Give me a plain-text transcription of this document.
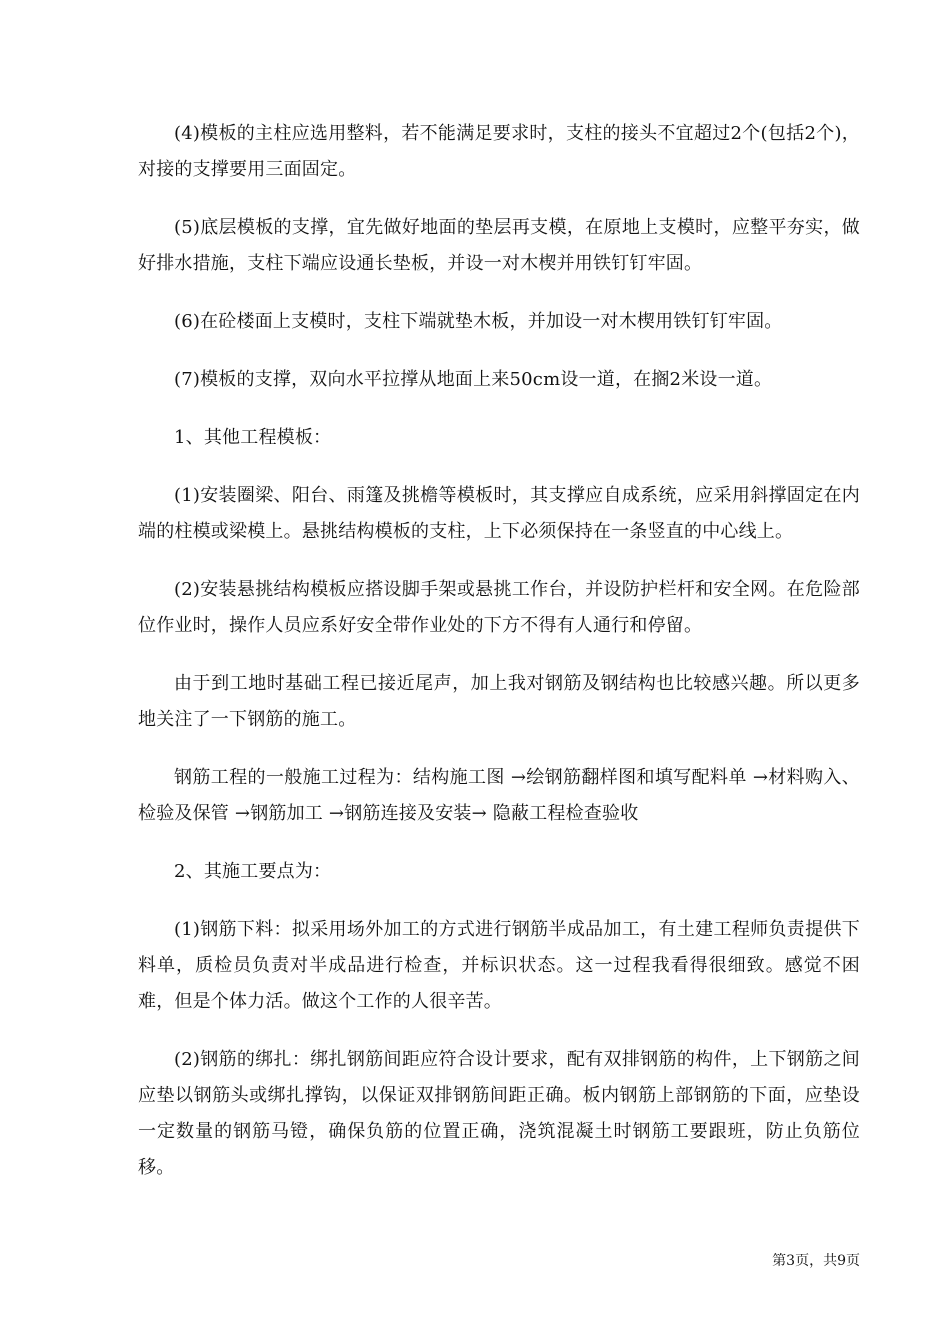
(4)模板的主柱应选用整料，若不能满足要求时，支柱的接头不宜超过2个(包括2个)，对接的支撑要用三面固定。

(5)底层模板的支撑，宜先做好地面的垫层再支模，在原地上支模时，应整平夯实，做好排水措施，支柱下端应设通长垫板，并设一对木楔并用铁钉钉牢固。

(6)在砼楼面上支模时，支柱下端就垫木板，并加设一对木楔用铁钉钉牢固。

(7)模板的支撑，双向水平拉撑从地面上来50cm设一道，在搁2米设一道。

1、其他工程模板：

(1)安装圈梁、阳台、雨篷及挑檐等模板时，其支撑应自成系统，应采用斜撑固定在内端的柱模或梁模上。悬挑结构模板的支柱，上下必须保持在一条竖直的中心线上。

(2)安装悬挑结构模板应搭设脚手架或悬挑工作台，并设防护栏杆和安全网。在危险部位作业时，操作人员应系好安全带作业处的下方不得有人通行和停留。

由于到工地时基础工程已接近尾声，加上我对钢筋及钢结构也比较感兴趣。所以更多地关注了一下钢筋的施工。

钢筋工程的一般施工过程为：结构施工图 →绘钢筋翻样图和填写配料单 →材料购入、检验及保管 →钢筋加工 →钢筋连接及安装→ 隐蔽工程检查验收

2、其施工要点为：

(1)钢筋下料：拟采用场外加工的方式进行钢筋半成品加工，有土建工程师负责提供下料单，质检员负责对半成品进行检查，并标识状态。这一过程我看得很细致。感觉不困难，但是个体力活。做这个工作的人很辛苦。

(2)钢筋的绑扎：绑扎钢筋间距应符合设计要求，配有双排钢筋的构件，上下钢筋之间应垫以钢筋头或绑扎撑钩，以保证双排钢筋间距正确。板内钢筋上部钢筋的下面，应垫设一定数量的钢筋马镫，确保负筋的位置正确，浇筑混凝土时钢筋工要跟班，防止负筋位移。

第3页，共9页
